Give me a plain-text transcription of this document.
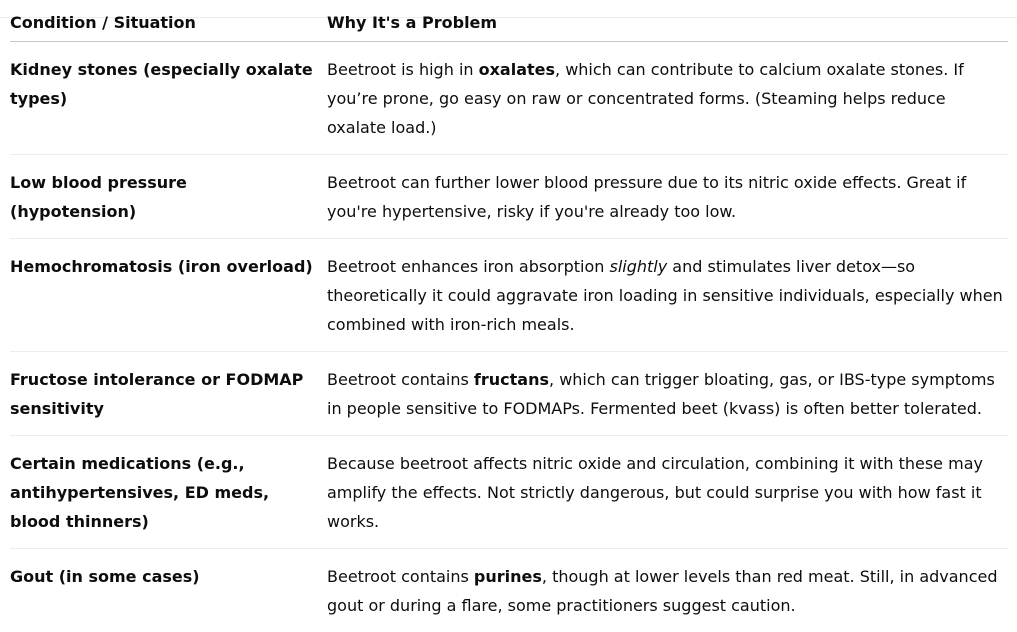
Condition / Situation	Why It's a Problem
Kidney stones (especially oxalate types)	Beetroot is high in oxalates, which can contribute to calcium oxalate stones. If you’re prone, go easy on raw or concentrated forms. (Steaming helps reduce oxalate load.)
Low blood pressure (hypotension)	Beetroot can further lower blood pressure due to its nitric oxide effects. Great if you're hypertensive, risky if you're already too low.
Hemochromatosis (iron overload)	Beetroot enhances iron absorption slightly and stimulates liver detox—so theoretically it could aggravate iron loading in sensitive individuals, especially when combined with iron-rich meals.
Fructose intolerance or FODMAP sensitivity	Beetroot contains fructans, which can trigger bloating, gas, or IBS-type symptoms in people sensitive to FODMAPs. Fermented beet (kvass) is often better tolerated.
Certain medications (e.g., antihypertensives, ED meds, blood thinners)	Because beetroot affects nitric oxide and circulation, combining it with these may amplify the effects. Not strictly dangerous, but could surprise you with how fast it works.
Gout (in some cases)	Beetroot contains purines, though at lower levels than red meat. Still, in advanced gout or during a flare, some practitioners suggest caution.
